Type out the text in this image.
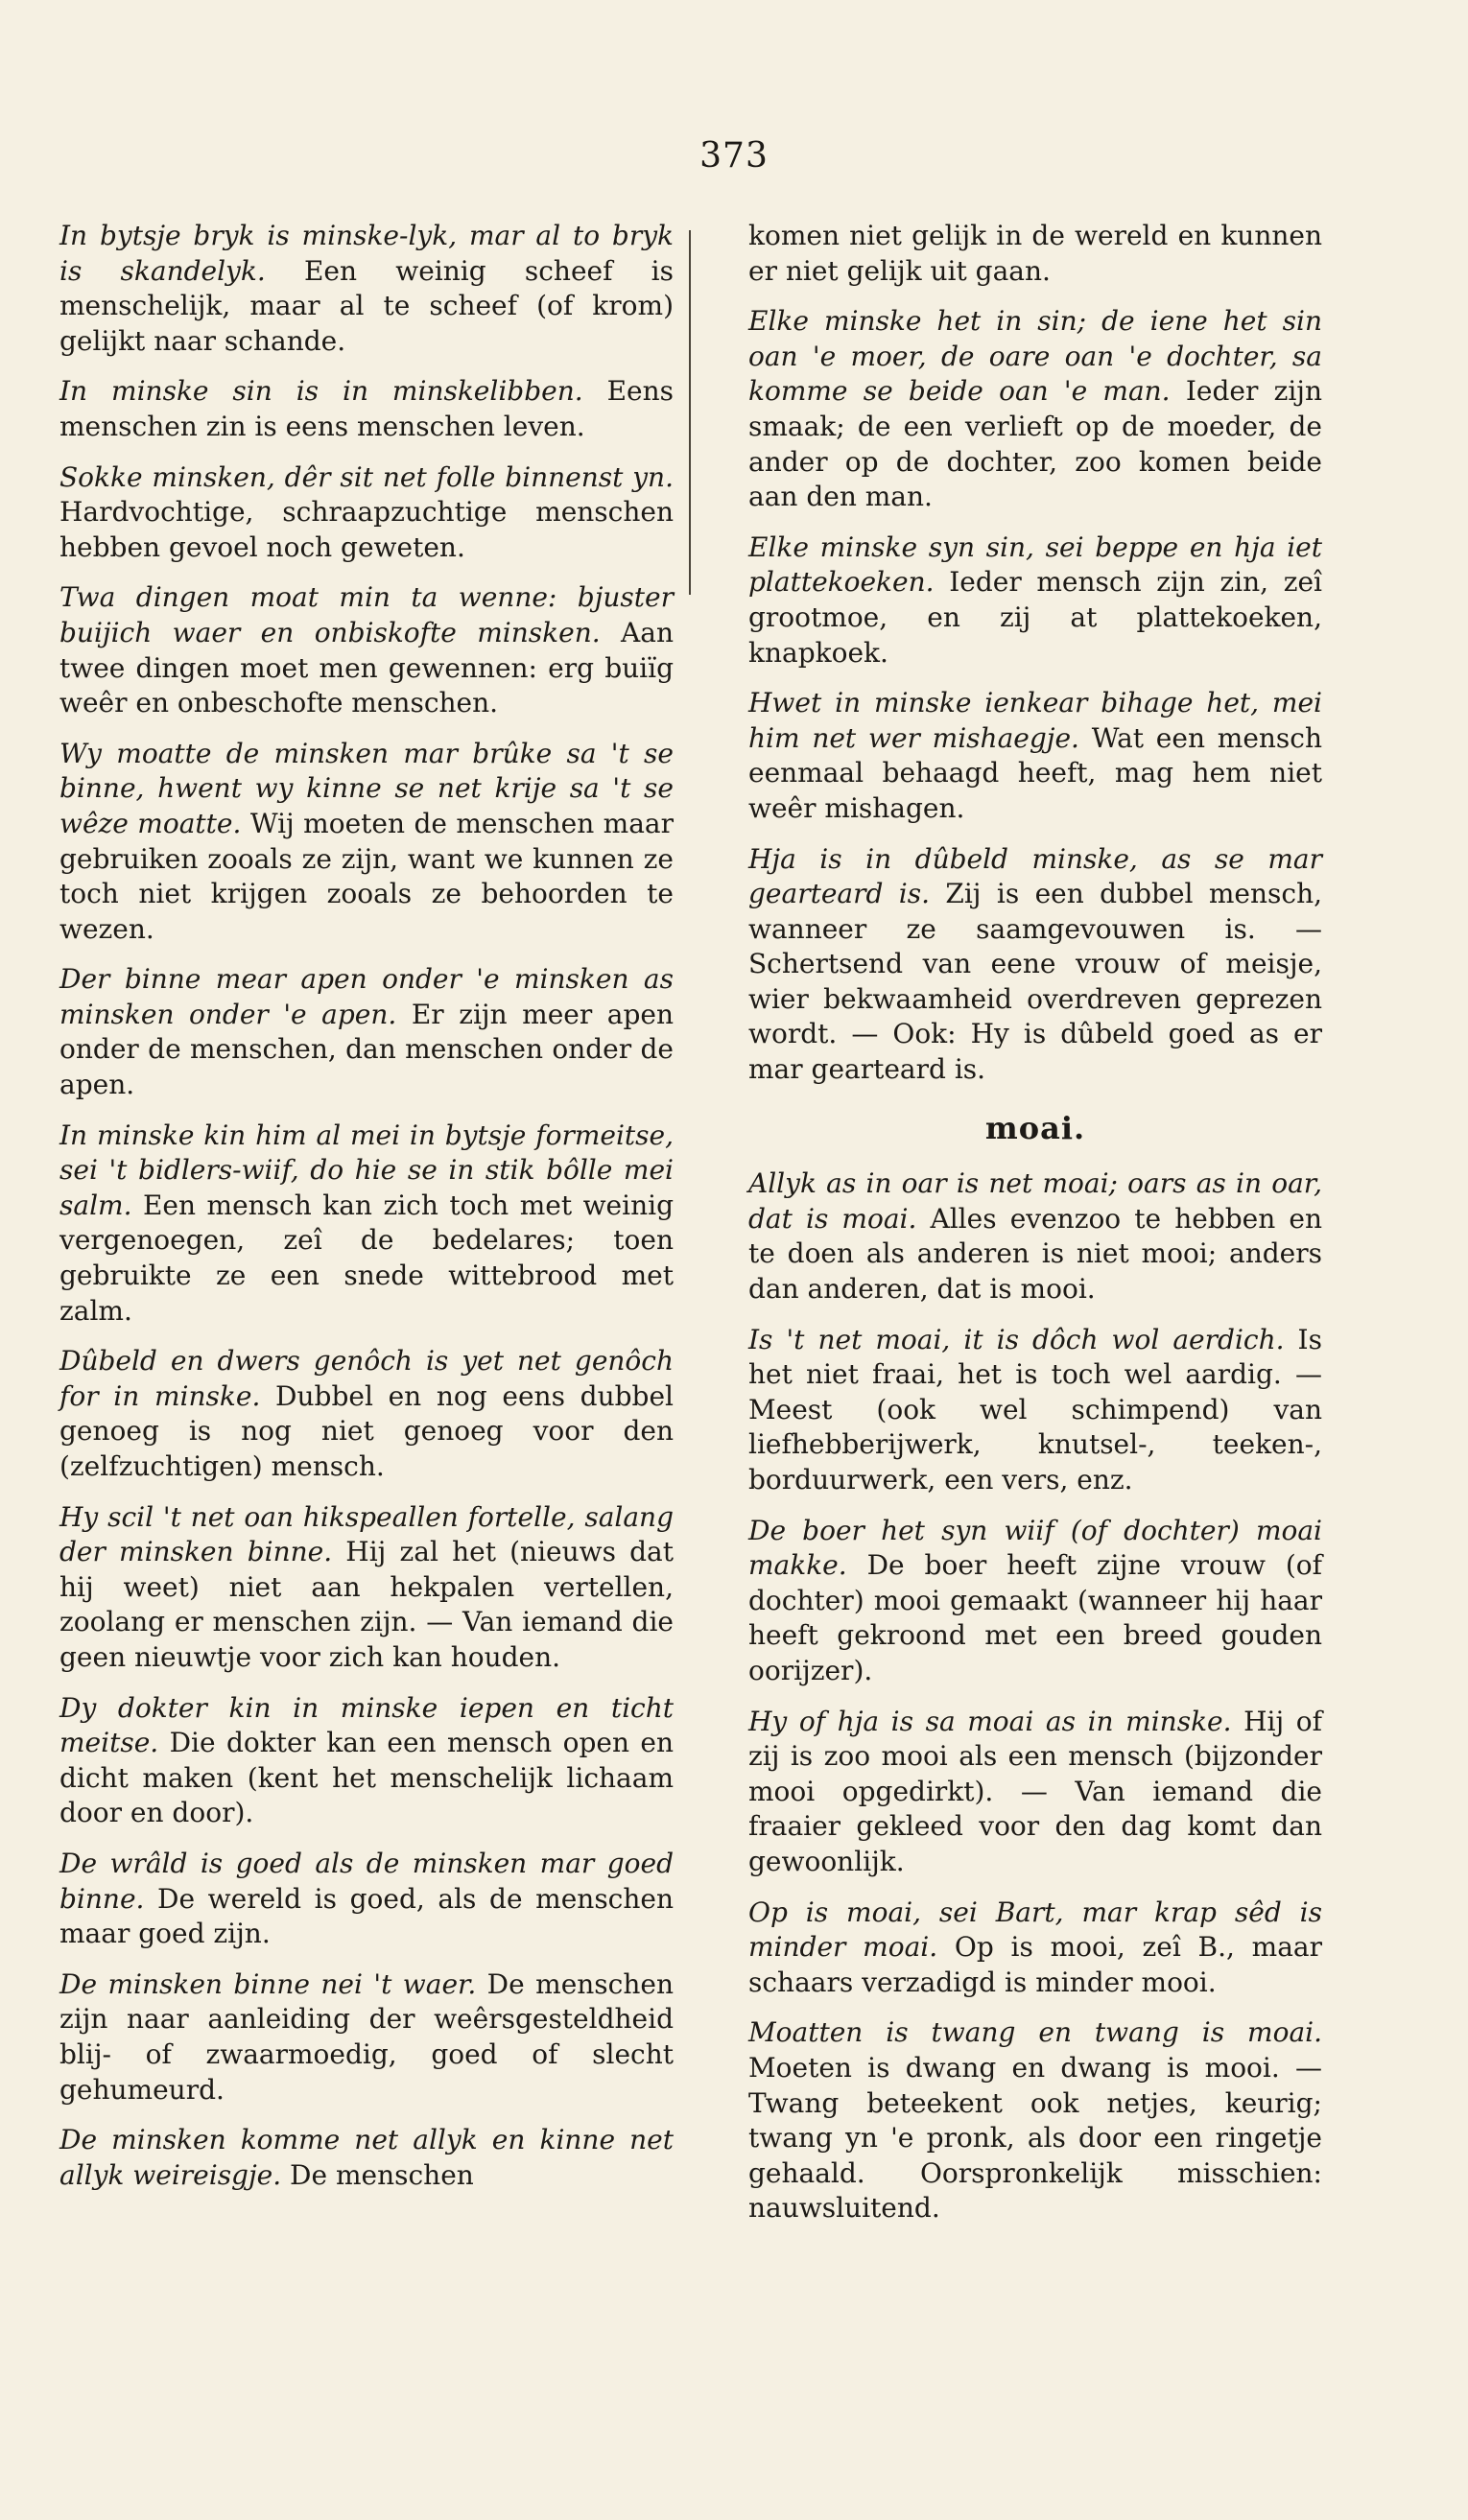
373

In bytsje bryk is minske-lyk, mar al to bryk is skandelyk. Een weinig scheef is menschelijk, maar al te scheef (of krom) gelijkt naar schande.

In minske sin is in minskelibben. Eens menschen zin is eens menschen leven.

Sokke minsken, dêr sit net folle binnenst yn. Hardvochtige, schraapzuchtige menschen hebben gevoel noch geweten.

Twa dingen moat min ta wenne: bjuster buijich waer en onbiskofte minsken. Aan twee dingen moet men gewennen: erg buiïg weêr en onbeschofte menschen.

Wy moatte de minsken mar brûke sa 't se binne, hwent wy kinne se net krije sa 't se wêze moatte. Wij moeten de menschen maar gebruiken zooals ze zijn, want we kunnen ze toch niet krijgen zooals ze behoorden te wezen.

Der binne mear apen onder 'e minsken as minsken onder 'e apen. Er zijn meer apen onder de menschen, dan menschen onder de apen.

In minske kin him al mei in bytsje formeitse, sei 't bidlers-wiif, do hie se in stik bôlle mei salm. Een mensch kan zich toch met weinig vergenoegen, zeî de bedelares; toen gebruikte ze een snede wittebrood met zalm.

Dûbeld en dwers genôch is yet net genôch for in minske. Dubbel en nog eens dubbel genoeg is nog niet genoeg voor den (zelfzuchtigen) mensch.

Hy scil 't net oan hikspeallen fortelle, salang der minsken binne. Hij zal het (nieuws dat hij weet) niet aan hekpalen vertellen, zoolang er menschen zijn. — Van iemand die geen nieuwtje voor zich kan houden.

Dy dokter kin in minske iepen en ticht meitse. Die dokter kan een mensch open en dicht maken (kent het menschelijk lichaam door en door).

De wrâld is goed als de minsken mar goed binne. De wereld is goed, als de menschen maar goed zijn.

De minsken binne nei 't waer. De menschen zijn naar aanleiding der weêrsgesteldheid blij- of zwaarmoedig, goed of slecht gehumeurd.

De minsken komme net allyk en kinne net allyk weireisgje. De menschen

komen niet gelijk in de wereld en kunnen er niet gelijk uit gaan.

Elke minske het in sin; de iene het sin oan 'e moer, de oare oan 'e dochter, sa komme se beide oan 'e man. Ieder zijn smaak; de een verlieft op de moeder, de ander op de dochter, zoo komen beide aan den man.

Elke minske syn sin, sei beppe en hja iet plattekoeken. Ieder mensch zijn zin, zeî grootmoe, en zij at plattekoeken, knapkoek.

Hwet in minske ienkear bihage het, mei him net wer mishaegje. Wat een mensch eenmaal behaagd heeft, mag hem niet weêr mishagen.

Hja is in dûbeld minske, as se mar gearteard is. Zij is een dubbel mensch, wanneer ze saamgevouwen is. — Schertsend van eene vrouw of meisje, wier bekwaamheid overdreven geprezen wordt. — Ook: Hy is dûbeld goed as er mar gearteard is.

moai.

Allyk as in oar is net moai; oars as in oar, dat is moai. Alles evenzoo te hebben en te doen als anderen is niet mooi; anders dan anderen, dat is mooi.

Is 't net moai, it is dôch wol aerdich. Is het niet fraai, het is toch wel aardig. — Meest (ook wel schimpend) van liefhebberijwerk, knutsel-, teeken-, borduurwerk, een vers, enz.

De boer het syn wiif (of dochter) moai makke. De boer heeft zijne vrouw (of dochter) mooi gemaakt (wanneer hij haar heeft gekroond met een breed gouden oorijzer).

Hy of hja is sa moai as in minske. Hij of zij is zoo mooi als een mensch (bijzonder mooi opgedirkt). — Van iemand die fraaier gekleed voor den dag komt dan gewoonlijk.

Op is moai, sei Bart, mar krap sêd is minder moai. Op is mooi, zeî B., maar schaars verzadigd is minder mooi.

Moatten is twang en twang is moai. Moeten is dwang en dwang is mooi. — Twang beteekent ook netjes, keurig; twang yn 'e pronk, als door een ringetje gehaald. Oorspronkelijk misschien: nauwsluitend.
